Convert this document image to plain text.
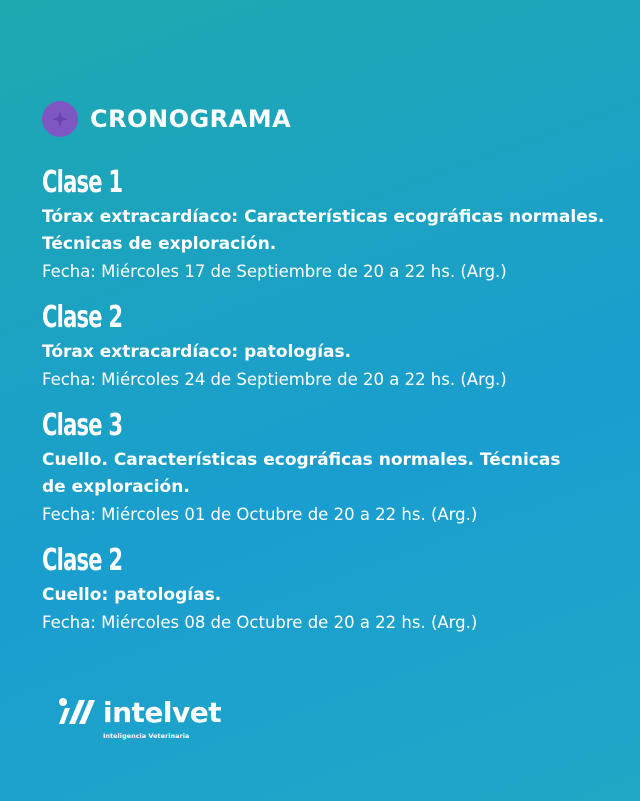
CRONOGRAMA
Clase 1
Tórax extracardíaco: Características ecográficas normales. Técnicas de exploración.
Fecha: Miércoles 17 de Septiembre de 20 a 22 hs. (Arg.)
Clase 2
Tórax extracardíaco: patologías.
Fecha: Miércoles 24 de Septiembre de 20 a 22 hs. (Arg.)
Clase 3
Cuello. Características ecográficas normales. Técnicas de exploración.
Fecha: Miércoles 01 de Octubre de 20 a 22 hs. (Arg.)
Clase 2
Cuello: patologías.
Fecha: Miércoles 08 de Octubre de 20 a 22 hs. (Arg.)
intelvet
Inteligencia Veterinaria
